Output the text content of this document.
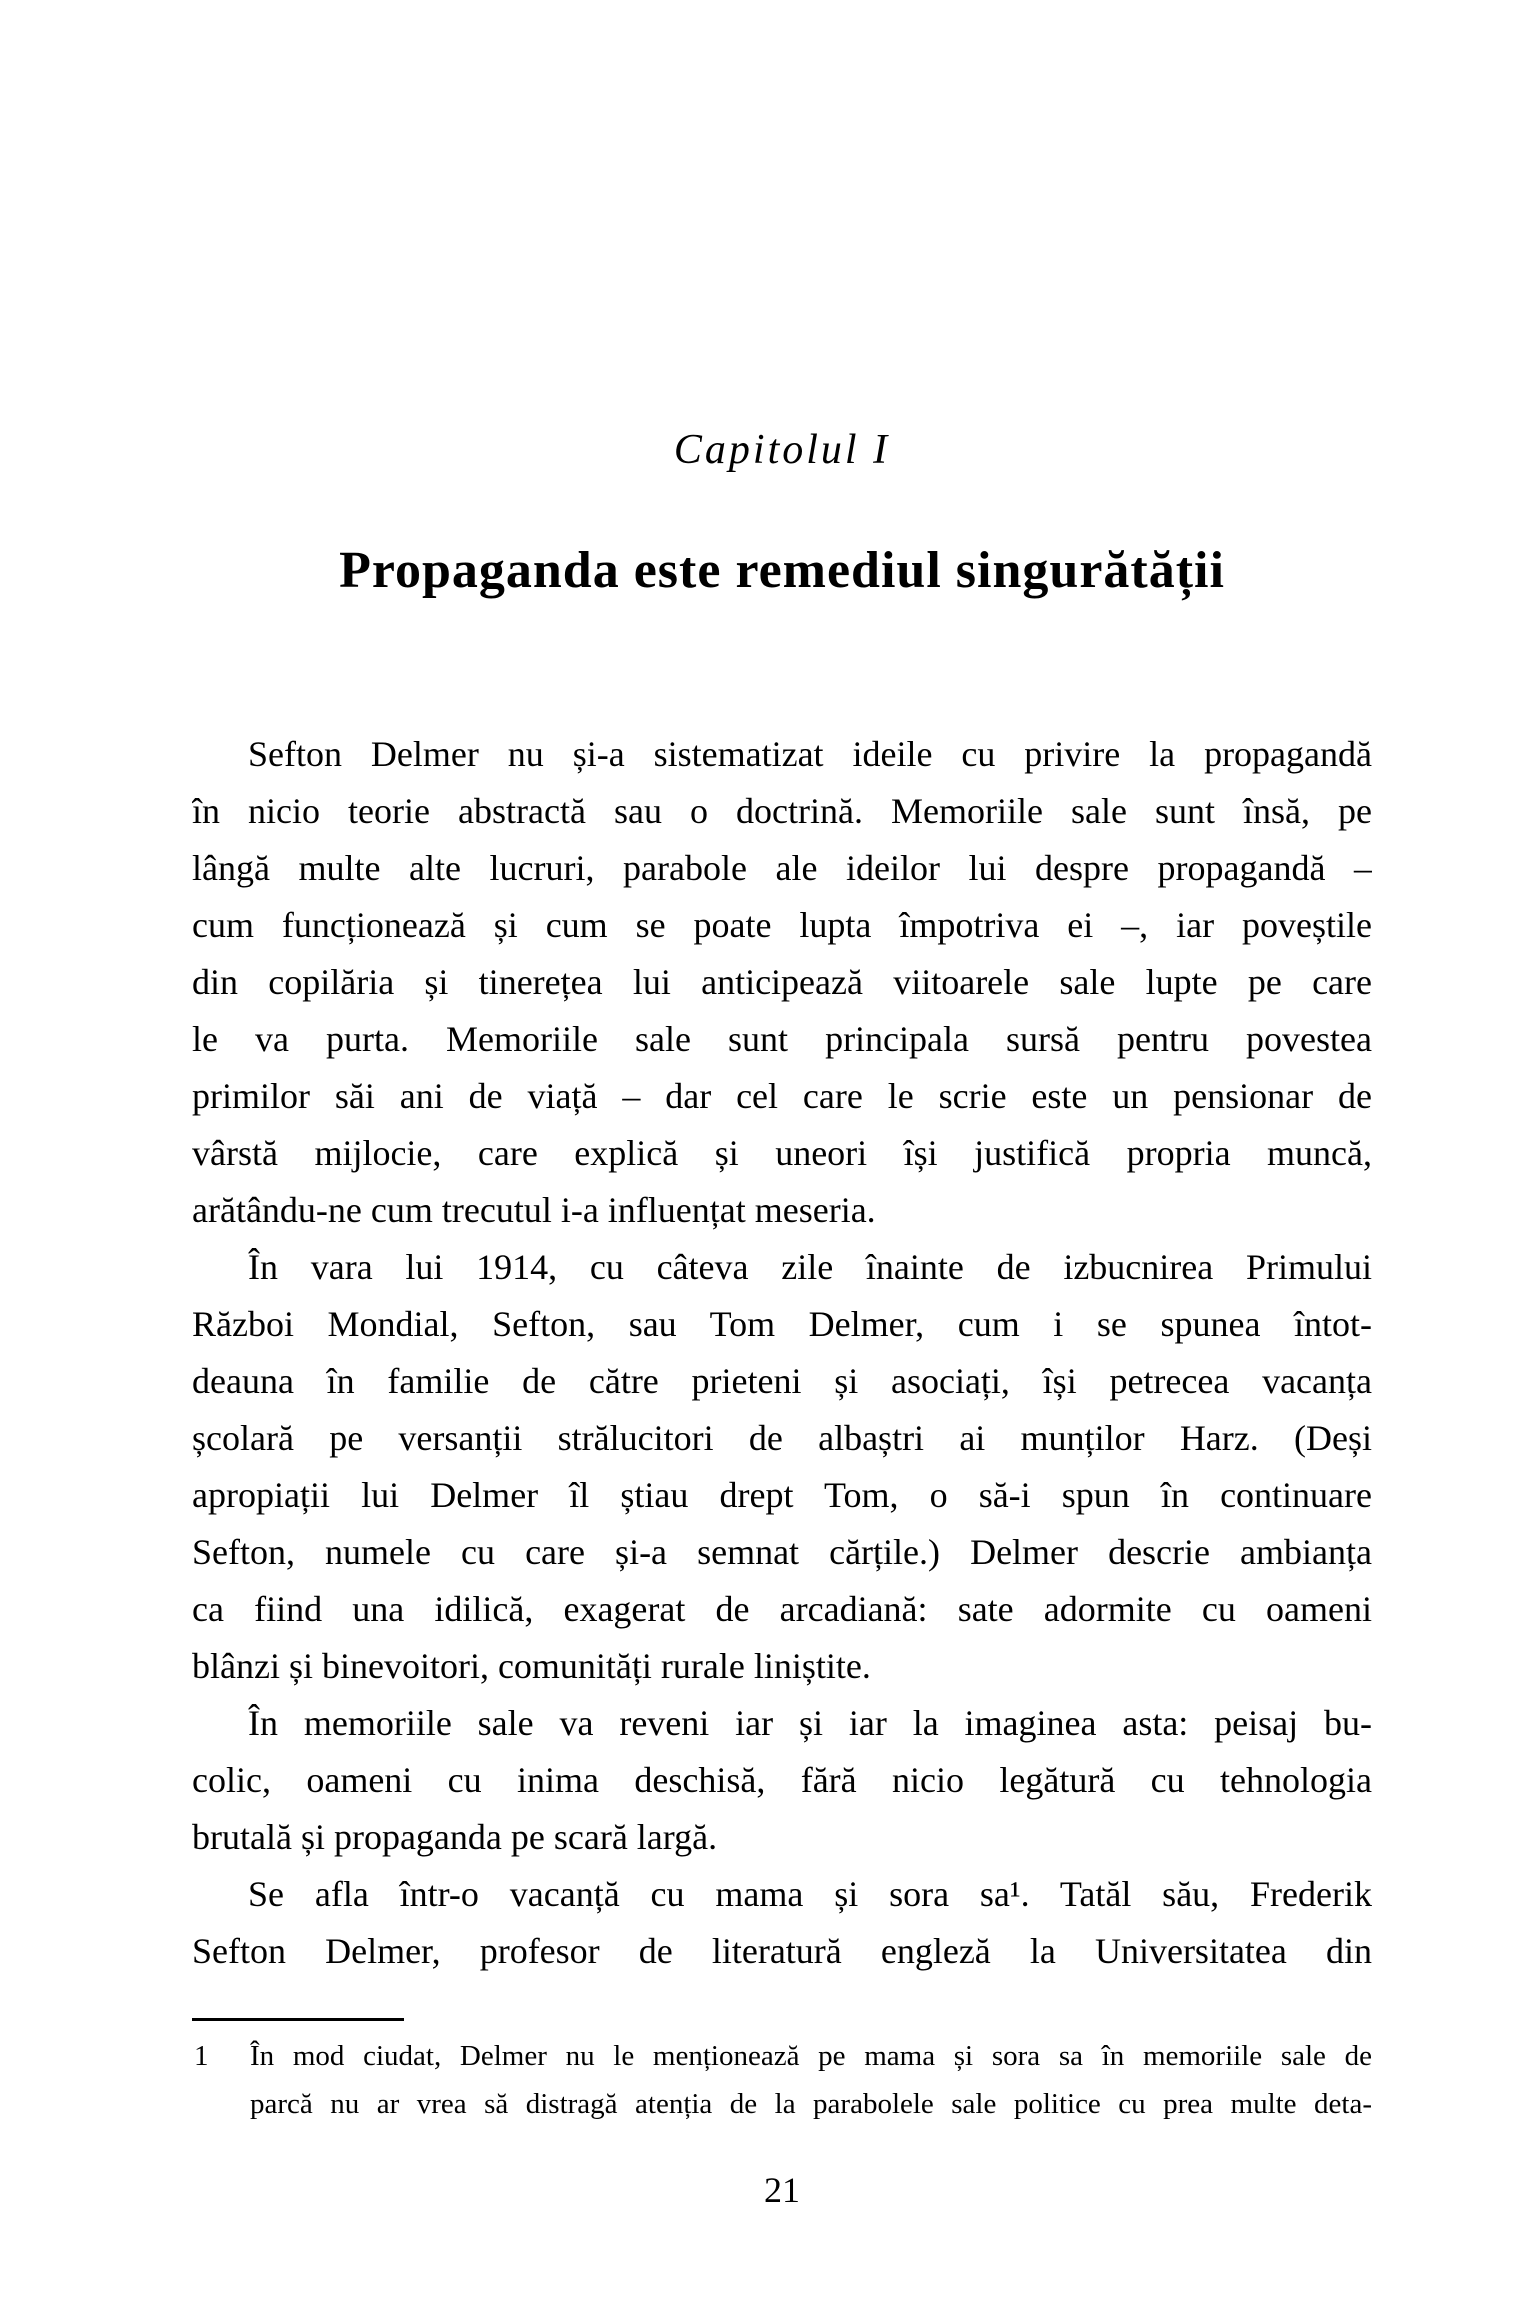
Capitolul I
Propaganda este remediul singurătății
Sefton Delmer nu și-a sistematizat ideile cu privire la propagandă
în nicio teorie abstractă sau o doctrină. Memoriile sale sunt însă, pe
lângă multe alte lucruri, parabole ale ideilor lui despre propagandă –
cum funcționează și cum se poate lupta împotriva ei –, iar poveștile
din copilăria și tinerețea lui anticipează viitoarele sale lupte pe care
le va purta. Memoriile sale sunt principala sursă pentru povestea
primilor săi ani de viață – dar cel care le scrie este un pensionar de
vârstă mijlocie, care explică și uneori își justifică propria muncă,
arătându-ne cum trecutul i-a influențat meseria.
În vara lui 1914, cu câteva zile înainte de izbucnirea Primului
Război Mondial, Sefton, sau Tom Delmer, cum i se spunea întot-
deauna în familie de către prieteni și asociați, își petrecea vacanța
școlară pe versanții strălucitori de albaștri ai munților Harz. (Deși
apropiații lui Delmer îl știau drept Tom, o să-i spun în continuare
Sefton, numele cu care și-a semnat cărțile.) Delmer descrie ambianța
ca fiind una idilică, exagerat de arcadiană: sate adormite cu oameni
blânzi și binevoitori, comunități rurale liniștite.
În memoriile sale va reveni iar și iar la imaginea asta: peisaj bu-
colic, oameni cu inima deschisă, fără nicio legătură cu tehnologia
brutală și propaganda pe scară largă.
Se afla într-o vacanță cu mama și sora sa¹. Tatăl său, Frederik
Sefton Delmer, profesor de literatură engleză la Universitatea din
1 În mod ciudat, Delmer nu le menționează pe mama și sora sa în memoriile sale de
parcă nu ar vrea să distragă atenția de la parabolele sale politice cu prea multe deta-
21
